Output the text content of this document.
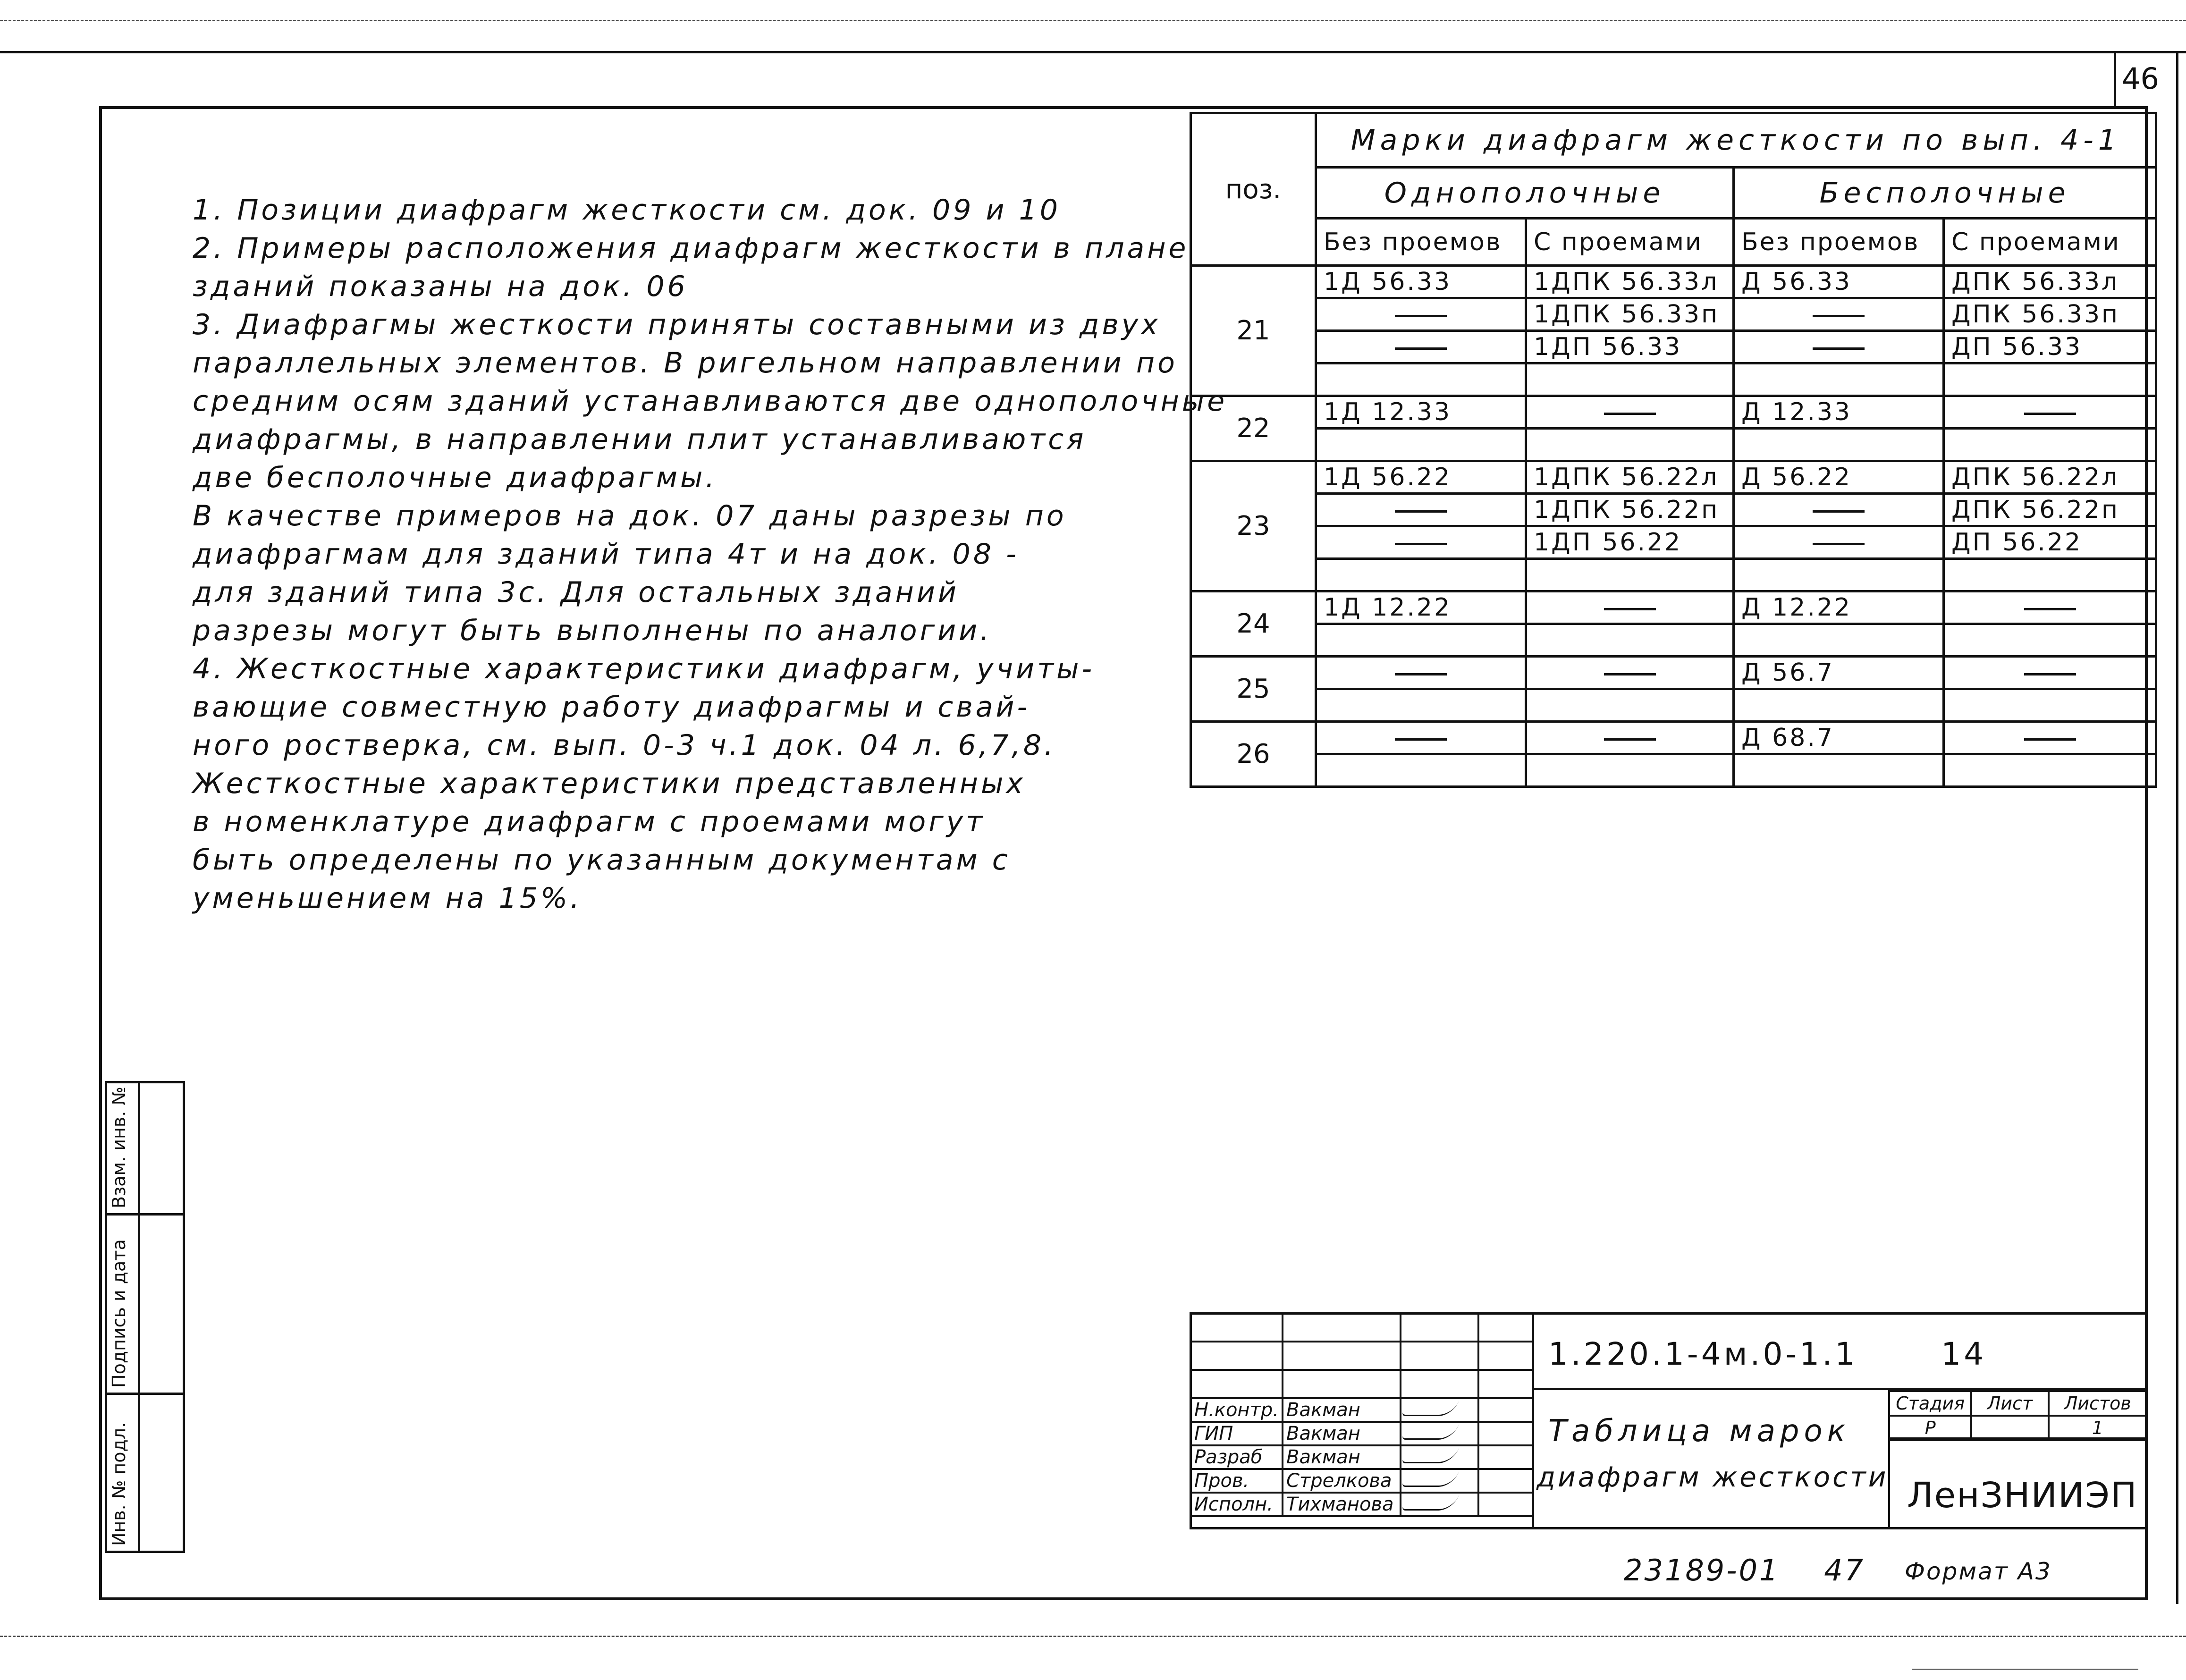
46
1. Позиции диафрагм жесткости см. док. 09 и 10
2. Примеры расположения диафрагм жесткости в плане
зданий показаны на док. 06
3. Диафрагмы жесткости приняты составными из двух
параллельных элементов. В ригельном направлении по
средним осям зданий устанавливаются две однополочные
диафрагмы, в направлении плит устанавливаются
две бесполочные диафрагмы.
В качестве примеров на док. 07 даны разрезы по
диафрагмам для зданий типа 4т и на док. 08 -
для зданий типа 3с. Для остальных зданий
разрезы могут быть выполнены по аналогии.
4. Жесткостные характеристики диафрагм, учиты-
вающие совместную работу диафрагмы и свай-
ного ростверка, см. вып. 0-3 ч.1 док. 04 л. 6,7,8.
Жесткостные характеристики представленных
в номенклатуре диафрагм с проемами могут
быть определены по указанным документам с
уменьшением на 15%.
поз.	Марки диафрагм жесткости по вып. 4-1			
	Однополочные		Бесполочные	
	Без проемов	С проемами	Без проемов	С проемами
21	1Д 56.33	1ДПК 56.33л	Д 56.33	ДПК 56.33л
		1ДПК 56.33п		ДПК 56.33п
		1ДП 56.33		ДП 56.33

22	1Д 12.33		Д 12.33	

23	1Д 56.22	1ДПК 56.22л	Д 56.22	ДПК 56.22л
		1ДПК 56.22п		ДПК 56.22п
		1ДП 56.22		ДП 56.22

24	1Д 12.22		Д 12.22	

25			Д 56.7	

26			Д 68.7	

Взам. инв. №
Подпись и дата
Инв. № подл.

Н.контр.	Вакман		
ГИП	Вакман		
Разраб	Вакман		
Пров.	Стрелкова		
Исполн.	Тихманова		
1.220.1-4м.0-1.1	14
Таблица марок
диафрагм жесткости
Стадия	Лист	Листов
Р		1
ЛенЗНИИЭП
23189-01 47 Формат А3
